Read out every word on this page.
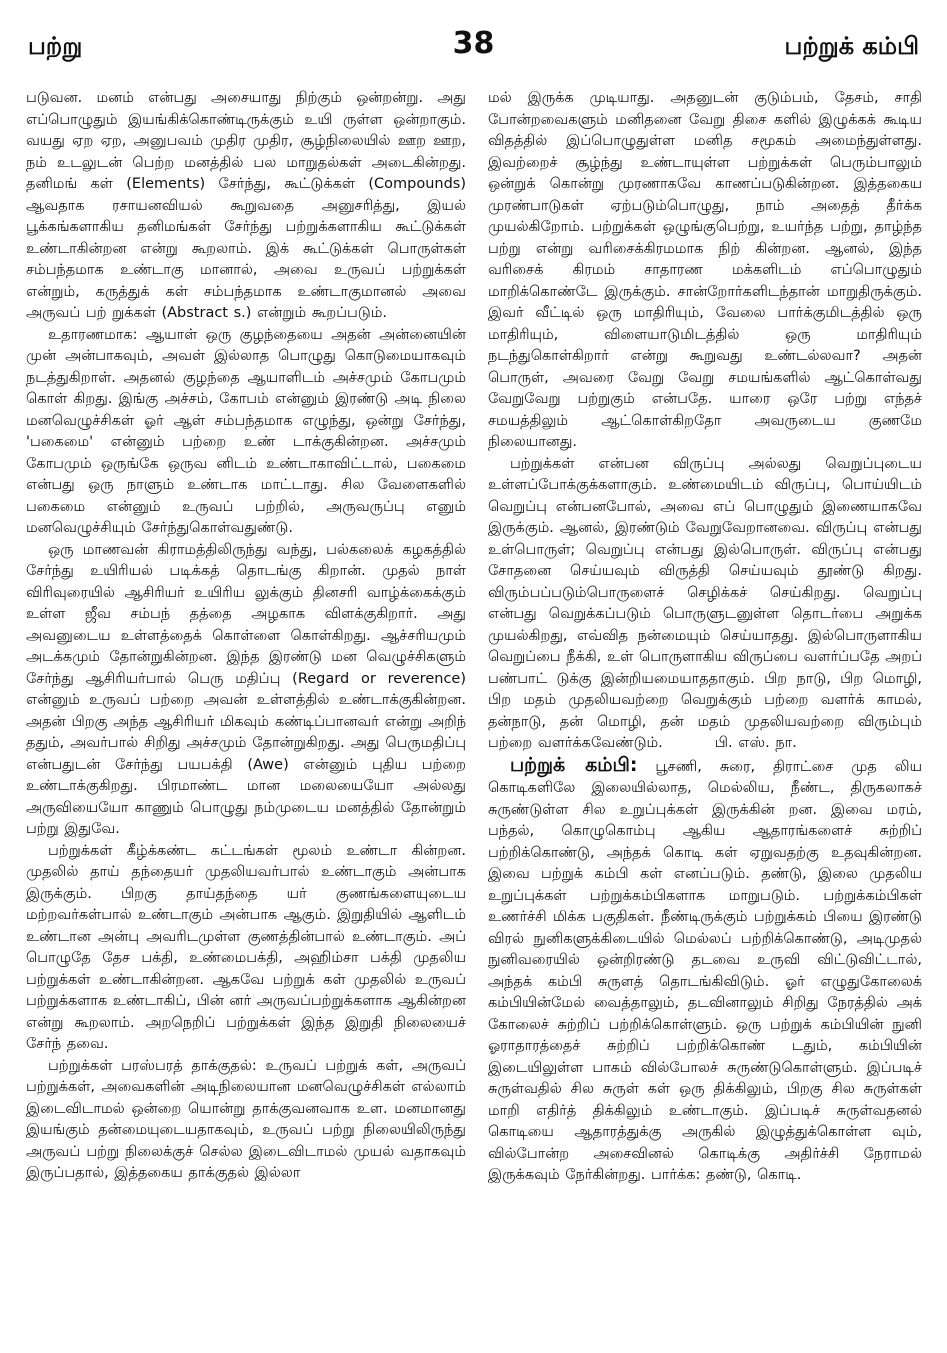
பற்று	38	பற்றுக் கம்பி

படுவன. மனம் என்பது அசையாது நிற்கும் ஒன்றன்று. அது எப்பொழுதும் இயங்கிக்கொண்டிருக்கும் உயி ருள்ள ஒன்றாகும். வயது ஏற ஏற, அனுபவம் முதிர முதிர, சூழ்நிலையில் ஊற ஊற, நம் உடலுடன் பெற்ற மனத்தில் பல மாறுதல்கள் அடைகின்றது. தனிமங் கள் (Elements) சேர்ந்து, கூட்டுக்கள் (Compounds) ஆவதாக ரசாயனவியல் கூறுவதை அனுசரித்து, இயல் பூக்கங்களாகிய தனிமங்கள் சேர்ந்து பற்றுக்களாகிய கூட்டுக்கள் உண்டாகின்றன என்று கூறலாம். இக் கூட்டுக்கள் பொருள்கள் சம்பந்தமாக உண்டாகு மானால், அவை உருவப் பற்றுக்கள் என்றும், கருத்துக் கள் சம்பந்தமாக உண்டாகுமானல் அவை அருவப் பற் றுக்கள் (Abstract s.) என்றும் கூறப்படும்.

உதாரணமாக: ஆயாள் ஒரு குழந்தையை அதன் அன்னையின் முன் அன்பாகவும், அவள் இல்லாத பொழுது கொடுமையாகவும் நடத்துகிறாள். அதனல் குழந்தை ஆயாளிடம் அச்சமும் கோபமும் கொள் கிறது. இங்கு அச்சம், கோபம் என்னும் இரண்டு அடி நிலை மனவெழுச்சிகள் ஓர் ஆள் சம்பந்தமாக எழுந்து, ஒன்று சேர்ந்து, 'பகைமை' என்னும் பற்றை உண் டாக்குகின்றன. அச்சமும் கோபமும் ஒருங்கே ஒருவ னிடம் உண்டாகாவிட்டால், பகைமை என்பது ஒரு நாளும் உண்டாக மாட்டாது. சில வேளைகளில் பகைமை என்னும் உருவப் பற்றில், அருவருப்பு எனும் மனவெழுச்சியும் சேர்ந்துகொள்வதுண்டு.

ஒரு மாணவன் கிராமத்திலிருந்து வந்து, பல்கலைக் கழகத்தில் சேர்ந்து உயிரியல் படிக்கத் தொடங்கு கிறான். முதல் நாள் விரிவுரையில் ஆசிரியர் உயிரிய லுக்கும் தினசரி வாழ்க்கைக்கும் உள்ள ஜீவ சம்பந் தத்தை அழகாக விளக்குகிறார். அது அவனுடைய உள்ளத்தைக் கொள்ளை கொள்கிறது. ஆச்சரியமும் அடக்கமும் தோன்றுகின்றன. இந்த இரண்டு மன வெழுச்சிகளும் சேர்ந்து ஆசிரியர்பால் பெரு மதிப்பு (Regard or reverence) என்னும் உருவப் பற்றை அவன் உள்ளத்தில் உண்டாக்குகின்றன. அதன் பிறகு அந்த ஆசிரியர் மிகவும் கண்டிப்பானவர் என்று அறிந் ததும், அவர்பால் சிறிது அச்சமும் தோன்றுகிறது. அது பெருமதிப்பு என்பதுடன் சேர்ந்து பயபக்தி (Awe) என்னும் புதிய பற்றை உண்டாக்குகிறது. பிரமாண்ட மான மலையையோ அல்லது அருவியையோ காணும் பொழுது நம்முடைய மனத்தில் தோன்றும் பற்று இதுவே.

பற்றுக்கள் கீழ்க்கண்ட கட்டங்கள் மூலம் உண்டா கின்றன. முதலில் தாய் தந்தையர் முதலியவர்பால் உண்டாகும் அன்பாக இருக்கும். பிறகு தாய்தந்தை யர் குணங்களையுடைய மற்றவர்கள்பால் உண்டாகும் அன்பாக ஆகும். இறுதியில் ஆளிடம் உண்டான அன்பு அவரிடமுள்ள குணத்தின்பால் உண்டாகும். அப் பொழுதே தேச பக்தி, உண்மைபக்தி, அஹிம்சா பக்தி முதலிய பற்றுக்கள் உண்டாகின்றன. ஆகவே பற்றுக் கள் முதலில் உருவப் பற்றுக்களாக உண்டாகிப், பின் னர் அருவப்பற்றுக்களாக ஆகின்றன என்று கூறலாம். அறநெறிப் பற்றுக்கள் இந்த இறுதி நிலையைச் சேர்ந் தவை.

பற்றுக்கள் பரஸ்பரத் தாக்குதல்: உருவப் பற்றுக் கள், அருவப் பற்றுக்கள், அவைகளின் அடிநிலையான மனவெழுச்சிகள் எல்லாம் இடைவிடாமல் ஒன்றை யொன்று தாக்குவனவாக உள. மனமானது இயங்கும் தன்மையுடையதாகவும், உருவப் பற்று நிலையிலிருந்து அருவப் பற்று நிலைக்குச் செல்ல இடைவிடாமல் முயல் வதாகவும் இருப்பதால், இத்தகைய தாக்குதல் இல்லா

மல் இருக்க முடியாது. அதனுடன் குடும்பம், தேசம், சாதி போன்றவைகளும் மனிதனை வேறு திசை களில் இழுக்கக் கூடிய விதத்தில் இப்பொழுதுள்ள மனித சமூகம் அமைந்துள்ளது. இவற்றைச் சூழ்ந்து உண்டாயுள்ள பற்றுக்கள் பெரும்பாலும் ஒன்றுக் கொன்று முரணாகவே காணப்படுகின்றன. இத்தகைய முரண்பாடுகள் ஏற்படும்பொழுது, நாம் அதைத் தீர்க்க முயல்கிறோம். பற்றுக்கள் ஒழுங்குபெற்று, உயர்ந்த பற்று, தாழ்ந்த பற்று என்று வரிசைக்கிரமமாக நிற் கின்றன. ஆனல், இந்த வரிசைக் கிரமம் சாதாரண மக்களிடம் எப்பொழுதும் மாறிக்கொண்டே இருக்கும். சான்றோர்களிடந்தான் மாறுதிருக்கும். இவர் வீட்டில் ஒரு மாதிரியும், வேலை பார்க்குமிடத்தில் ஒரு மாதிரியும், விளையாடுமிடத்தில் ஒரு மாதிரியும் நடந்துகொள்கிறார் என்று கூறுவது உண்டல்லவா? அதன் பொருள், அவரை வேறு வேறு சமயங்களில் ஆட்கொள்வது வேறுவேறு பற்றுகும் என்பதே. யாரை ஒரே பற்று எந்தச் சமயத்திலும் ஆட்கொள்கிறதோ அவருடைய குணமே நிலையானது.

பற்றுக்கள் என்பன விருப்பு அல்லது வெறுப்புடைய உள்ளப்போக்குக்களாகும். உண்மையிடம் விருப்பு, பொய்யிடம் வெறுப்பு என்பனபோல், அவை எப் பொழுதும் இணையாகவே இருக்கும். ஆனல், இரண்டும் வேறுவேறானவை. விருப்பு என்பது உள்பொருள்; வெறுப்பு என்பது இல்பொருள். விருப்பு என்பது சோதனை செய்யவும் விருத்தி செய்யவும் தூண்டு கிறது. விரும்பப்படும்பொருளைச் செழிக்கச் செய்கிறது. வெறுப்பு என்பது வெறுக்கப்படும் பொருளுடனுள்ள தொடர்பை அறுக்க முயல்கிறது, எவ்வித நன்மையும் செய்யாதது. இல்பொருளாகிய வெறுப்பை நீக்கி, உள் பொருளாகிய விருப்பை வளர்ப்பதே அறப் பண்பாட் டுக்கு இன்றியமையாததாகும். பிற நாடு, பிற மொழி, பிற மதம் முதலியவற்றை வெறுக்கும் பற்றை வளர்க் காமல், தன்நாடு, தன் மொழி, தன் மதம் முதலியவற்றை விரும்பும் பற்றை வளர்க்கவேண்டும்.	பி. எஸ். நா.

பற்றுக் கம்பி: பூசணி, சுரை, திராட்சை முத லிய கொடிகளிலே இலையில்லாத, மெல்லிய, நீண்ட, திருகலாகச் சுருண்டுள்ள சில உறுப்புக்கள் இருக்கின் றன. இவை மரம், பந்தல், கொழுகொம்பு ஆகிய ஆதாரங்களைச் சுற்றிப் பற்றிக்கொண்டு, அந்தக் கொடி கள் ஏறுவதற்கு உதவுகின்றன. இவை பற்றுக் கம்பி கள் எனப்படும். தண்டு, இலை முதலிய உறுப்புக்கள் பற்றுக்கம்பிகளாக மாறுபடும். பற்றுக்கம்பிகள் உணர்ச்சி மிக்க பகுதிகள். நீண்டிருக்கும் பற்றுக்கம் பியை இரண்டு விரல் நுனிகளுக்கிடையில் மெல்லப் பற்றிக்கொண்டு, அடிமுதல் நுனிவரையில் ஒன்றிரண்டு தடவை உருவி விட்டுவிட்டால், அந்தக் கம்பி சுருளத் தொடங்கிவிடும். ஓர் எழுதுகோலைக் கம்பியின்மேல் வைத்தாலும், தடவினாலும் சிறிது நேரத்தில் அக் கோலைச் சுற்றிப் பற்றிக்கொள்ளும். ஒரு பற்றுக் கம்பியின் நுனி ஓராதாரத்தைச் சுற்றிப் பற்றிக்கொண் டதும், கம்பியின் இடையிலுள்ள பாகம் வில்போலச் சுருண்டுகொள்ளும். இப்படிச் சுருள்வதில் சில சுருள் கள் ஒரு திக்கிலும், பிறகு சில சுருள்கள் மாறி எதிர்த் திக்கிலும் உண்டாகும். இப்படிச் சுருள்வதனல் கொடியை ஆதாரத்துக்கு அருகில் இழுத்துக்கொள்ள வும், வில்போன்ற அசைவினல் கொடிக்கு அதிர்ச்சி நேராமல் இருக்கவும் நேர்கின்றது. பார்க்க: தண்டு, கொடி.
